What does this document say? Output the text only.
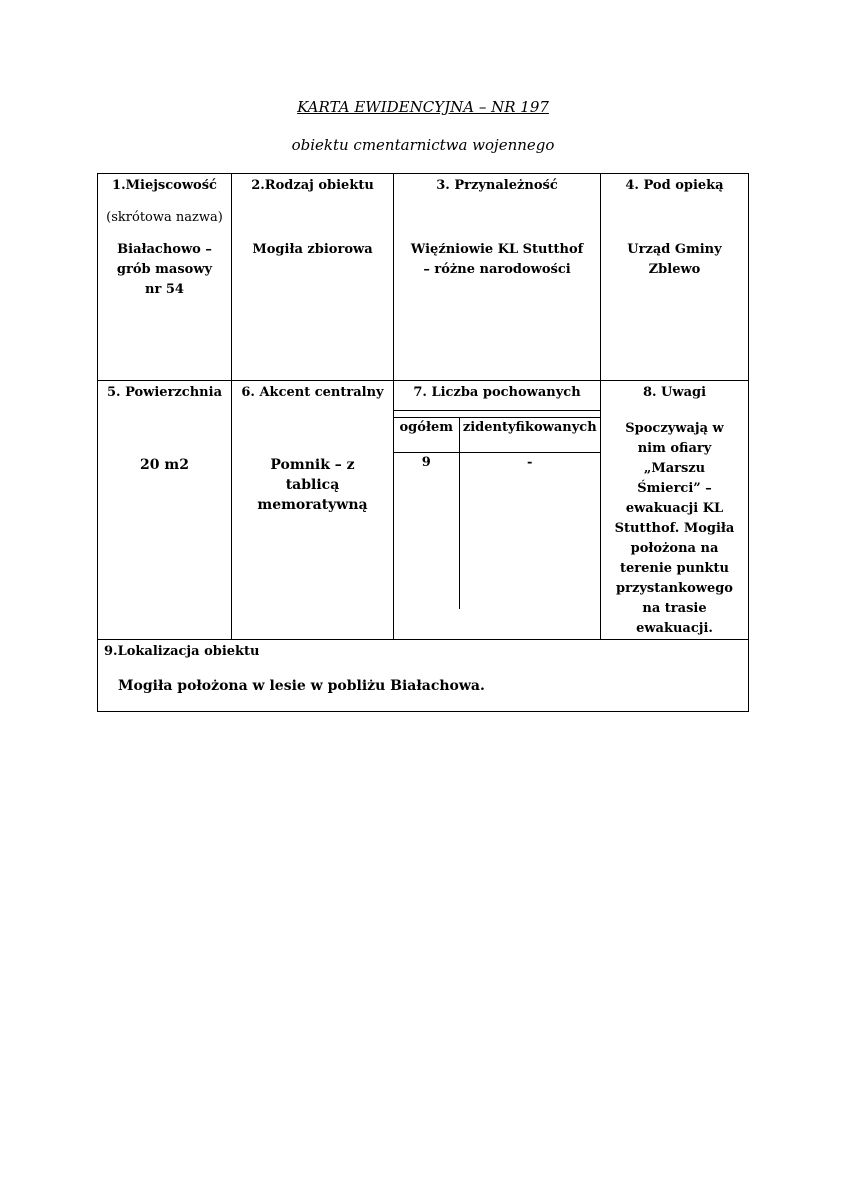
KARTA EWIDENCYJNA – NR 197
obiektu cmentarnictwa wojennego
1.Miejscowość
(skrótowa nazwa)
Białachowo – grób masowy nr 54

2.Rodzaj obiektu
Mogiła zbiorowa

3. Przynależność
Więźniowie KL Stutthof – różne narodowości

4. Pod opieką
Urząd Gminy Zblewo

5. Powierzchnia
20 m2

6. Akcent centralny
Pomnik – z tablicą memoratywną

7. Liczba pochowanych

ogółem	zidentyfikowanych
9	-

8. Uwagi
Spoczywają w nim ofiary „Marszu Śmierci” – ewakuacji KL Stutthof. Mogiła położona na terenie punktu przystankowego na trasie ewakuacji.

9.Lokalizacja obiektu
Mogiła położona w lesie w pobliżu Białachowa.
